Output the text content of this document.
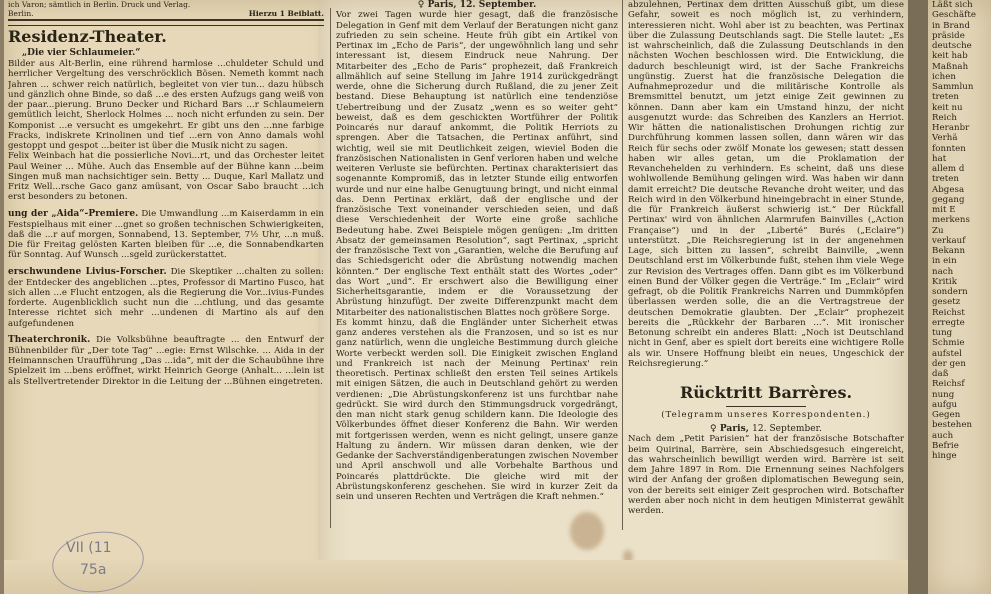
ich Varon; sämtlich in Berlin. Druck und Verlag.
Berlin.	Hierzu 1 Beiblatt.
Residenz-Theater.
„Die vier Schlaumeier.“
Bilder aus Alt-Berlin, eine rührend harmlose ...chuldeter Schuld und herrlicher Vergeltung des verschröcklich Bösen. Nemeth kommt nach Jahren ... schwer reich natürlich, begleitet von vier tun... dazu hübsch und gänzlich ohne Binde, so daß ...e des ersten Aufzugs gang weiß von der paar...pierung. Bruno Decker und Richard Bars ...r Schlaumeiern gemütlich leicht, Sherlock Holmes ... noch nicht erfunden zu sein. Der Komponist ...e versucht es umgekehrt. Er gibt uns den ...nne farbige Fracks, indiskrete Krinolinen und tief ...ern von Anno damals wohl gestoppt und gespot ...beiter ist über die Musik nicht zu sagen.
Felix Weinbach hat die possierliche Novi...rt, und das Orchester leitet Paul Weiner ... Mühe. Auch das Ensemble auf der Bühne kann ...beim Singen muß man nachsichtiger sein. Betty ... Duque, Karl Mallatz und Fritz Well...rsche Gaco ganz amüsant, von Oscar Sabo braucht ...ich erst besonders zu betonen.
ung der „Aida“-Premiere. Die Umwandlung ...m Kaiserdamm in ein Festspielhaus mit einer ...gnet so großen technischen Schwierigkeiten, daß die ...r auf morgen, Sonnabend, 13. September, 7½ Uhr, ...n muß. Die für Freitag gelösten Karten bleiben für ...e, die Sonnabendkarten für Sonntag. Auf Wunsch ...sgeld zurückerstattet.
erschwundene Livius-Forscher. Die Skeptiker ...chalten zu sollen: der Entdecker des angeblichen ...ptes, Professor di Martino Fusco, hat sich allen ...e Flucht entzogen, als die Regierung die Vor...ivius-Fundes forderte. Augenblicklich sucht nun die ...chtlung, und das gesamte Interesse richtet sich mehr ...undenen di Martino als auf den aufgefundenen
Theaterchronik. Die Volksbühne beauftragte ... den Entwurf der Bühnenbilder für „Der tote Tag“ ...egie: Ernst Wilschke. ... Aida in der Heimannschen Uraufführung „Das ...ida“, mit der die Schaubühne ihre Spielzeit im ...bens eröffnet, wirkt Heinrich George (Anhalt... ...lein ist als Stellvertretender Direktor in die Leitung der ...Bühnen eingetreten.
♀ Paris, 12. September.
Vor zwei Tagen wurde hier gesagt, daß die französische Delegation in Genf mit dem Verlauf der Beratungen nicht ganz zufrieden zu sein scheine. Heute früh gibt ein Artikel von Pertinax im „Echo de Paris“, der ungewöhnlich lang und sehr interessant ist, diesem Eindruck neue Nahrung. Der Mitarbeiter des „Echo de Paris“ prophezeit, daß Frankreich allmählich auf seine Stellung im Jahre 1914 zurückgedrängt werde, ohne die Sicherung durch Rußland, die zu jener Zeit bestand. Diese Behauptung ist natürlich eine tendenziöse Uebertreibung und der Zusatz „wenn es so weiter geht“ beweist, daß es dem geschickten Wortführer der Politik Poincarés nur darauf ankommt, die Politik Herriots zu sprengen. Aber die Tatsachen, die Pertinax anführt, sind wichtig, weil sie mit Deutlichkeit zeigen, wieviel Boden die französischen Nationalisten in Genf verloren haben und welche weiteren Verluste sie befürchten. Pertinax charakterisiert das sogenannte Kompromiß, das in letzter Stunde eilig entworfen wurde und nur eine halbe Genugtuung bringt, und nicht einmal das. Denn Pertinax erklärt, daß der englische und der französische Text voneinander verschieden seien, und daß diese Verschiedenheit der Worte eine große sachliche Bedeutung habe. Zwei Beispiele mögen genügen: „Im dritten Absatz der gemeinsamen Resolution“, sagt Pertinax, „spricht der französische Text von „Garantien, welche die Berufung auf das Schiedsgericht oder die Abrüstung notwendig machen könnten.“ Der englische Text enthält statt des Wortes „oder“ das Wort „und“. Er erschwert also die Bewilligung einer Sicherheitsgarantie, indem er die Voraussetzung der Abrüstung hinzufügt. Der zweite Differenzpunkt macht dem Mitarbeiter des nationalistischen Blattes noch größere Sorge.
Es kommt hinzu, daß die Engländer unter Sicherheit etwas ganz anderes verstehen als die Franzosen, und so ist es nur ganz natürlich, wenn die ungleiche Bestimmung durch gleiche Worte verbeckt werden soll. Die Einigkeit zwischen England und Frankreich ist nach der Meinung Pertinax' rein theoretisch. Pertinax schließt den ersten Teil seines Artikels mit einigen Sätzen, die auch in Deutschland gehört zu werden verdienen: „Die Abrüstungskonferenz ist uns furchtbar nahe gedrückt. Sie wird durch den Stimmungsdruck vorgedrängt, den man nicht stark genug schildern kann. Die Ideologie des Völkerbundes öffnet dieser Konferenz die Bahn. Wir werden mit fortgerissen werden, wenn es nicht gelingt, unsere ganze Haltung zu ändern. Wir müssen daran denken, wie der Gedanke der Sachverständigenberatungen zwischen November und April anschwoll und alle Vorbehalte Barthous und Poincarés plattdrückte. Die gleiche wird mit der Abrüstungskonferenz geschehen. Sie wird in kurzer Zeit da sein und unseren Rechten und Verträgen die Kraft nehmen.“
abzulehnen, Pertinax dem dritten Ausschuß gibt, um diese Gefahr, soweit es noch möglich ist, zu verhindern, interessieren nicht. Wohl aber ist zu beachten, was Pertinax über die Zulassung Deutschlands sagt. Die Stelle lautet: „Es ist wahrscheinlich, daß die Zulassung Deutschlands in den nächsten Wochen beschlossen wird. Die Entwicklung, die dadurch beschleunigt wird, ist der Sache Frankreichs ungünstig. Zuerst hat die französische Delegation die Aufnahmeprozedur und die militärische Kontrolle als Bremsmittel benutzt, um jetzt einige Zeit gewinnen zu können. Dann aber kam ein Umstand hinzu, der nicht ausgenutzt wurde: das Schreiben des Kanzlers an Herriot. Wir hätten die nationalistischen Drohungen richtig zur Durchführung kommen lassen sollen, dann wären wir das Reich für sechs oder zwölf Monate los gewesen; statt dessen haben wir alles getan, um die Proklamation der Revanchehelden zu verhindern. Es scheint, daß uns diese wohlwollende Bemühung gelingen wird. Was haben wir dann damit erreicht? Die deutsche Revanche droht weiter, und das Reich wird in den Völkerbund hineingebracht in einer Stunde, die für Frankreich äußerst schwierig ist.“ Der Rückfall Pertinax' wird von ähnlichen Alarmrufen Bainvilles („Action Française“) und in der „Liberté“ Burés („Eclaire“) unterstützt. „Die Reichsregierung ist in der angenehmen Lage, sich bitten zu lassen“, schreibt Bainville, „wenn Deutschland erst im Völkerbunde fußt, stehen ihm viele Wege zur Revision des Vertrages offen. Dann gibt es im Völkerbund einen Bund der Völker gegen die Verträge.“ Im „Eclair“ wird gefragt, ob die Politik Frankreichs Narren und Dummköpfen überlassen werden solle, die an die Vertragstreue der deutschen Demokratie glaubten. Der „Eclair“ prophezeit bereits die „Rückkehr der Barbaren ...“. Mit ironischer Betonung schreibt ein anderes Blatt: „Noch ist Deutschland nicht in Genf, aber es spielt dort bereits eine wichtigere Rolle als wir. Unsere Hoffnung bleibt ein neues, Ungeschick der Reichsregierung.“
Rücktritt Barrères.
(Telegramm unseres Korrespondenten.)
♀ Paris, 12. September.
Nach dem „Petit Parisien“ hat der französische Botschafter beim Quirinal, Barrère, sein Abschiedsgesuch eingereicht, das wahrscheinlich bewilligt werden wird. Barrère ist seit dem Jahre 1897 in Rom. Die Ernennung seines Nachfolgers wird der Anfang der großen diplomatischen Bewegung sein, von der bereits seit einiger Zeit gesprochen wird. Botschafter werden aber noch nicht in dem heutigen Ministerrat gewählt werden.
Läßt sich
Geschäfte
in Brand
präside
deutsche
keit hab
Maßnah
ichen
Sammlun
treten
keit nu
Reich
Heranbr
Verhä
fonnten
hat
allem d
treten
Abgesa
gegang
mit E
merkens
Zu
verkauf
Bekann
in ein
nach
Kritik
sondern
gesetz
Reichst
erregte
tung
Schmie
aufstel
der gen
daß
Reichsf
nung
aufgu
Gegen
bestehen
auch
Befrie
hinge
VII (11
75a
